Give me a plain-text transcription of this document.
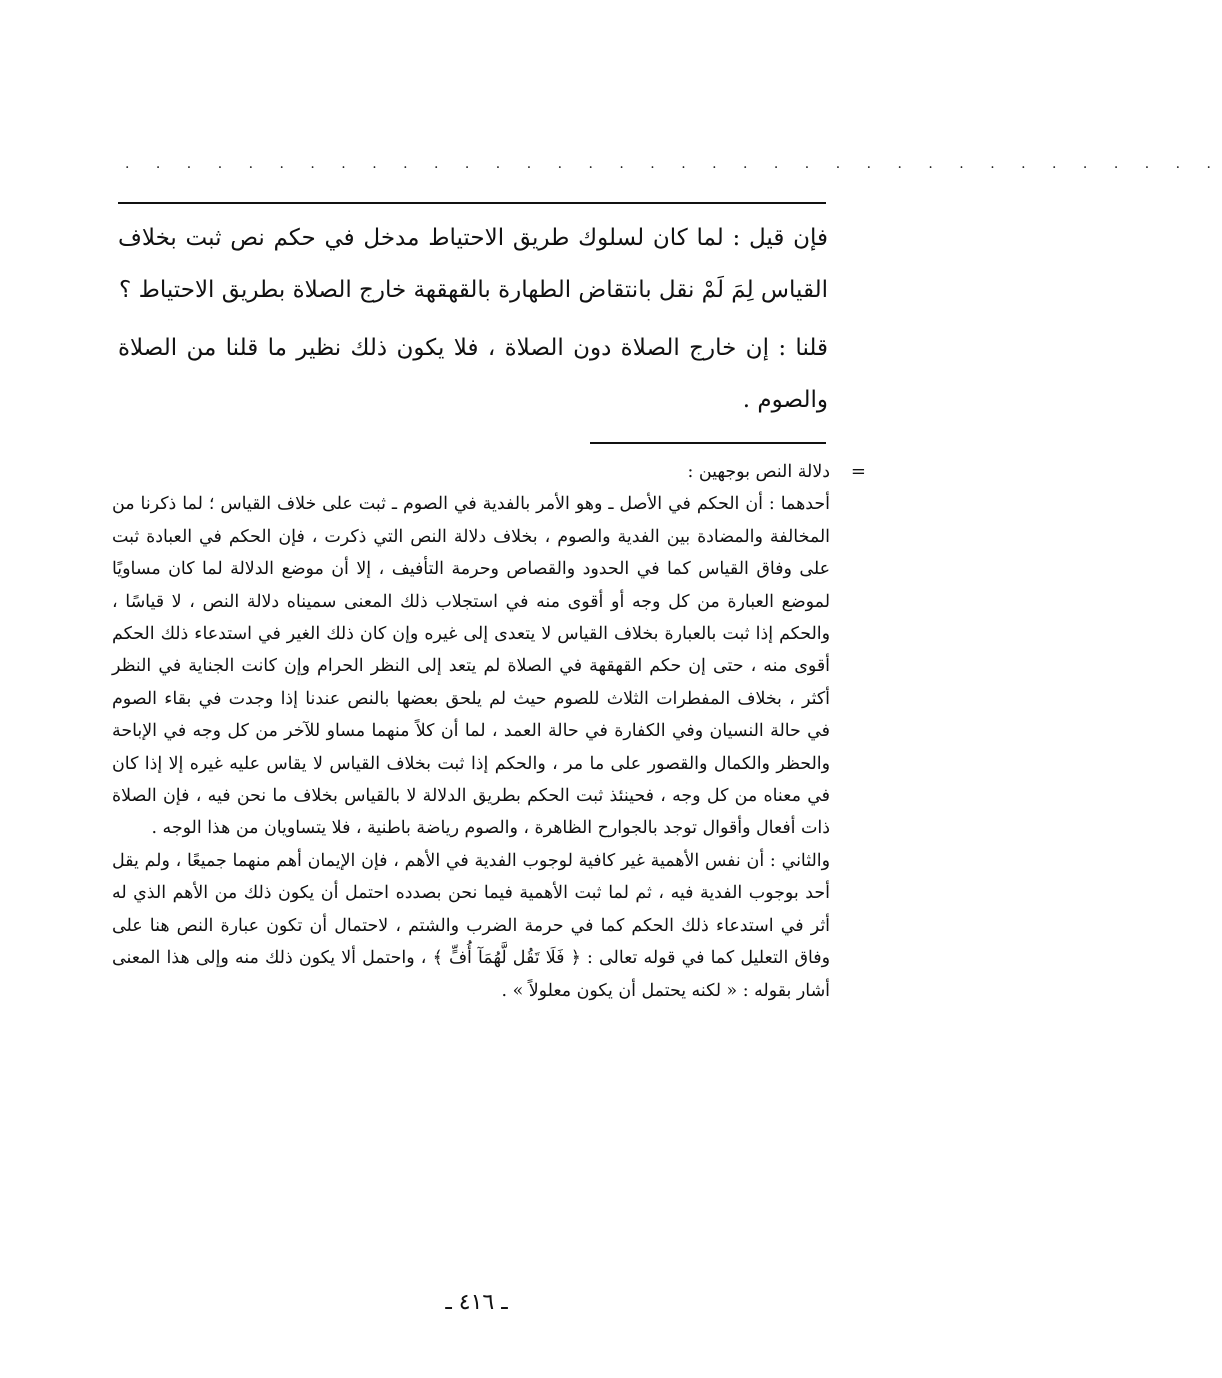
· · · · · · · · · · · · · · · · · · · · · · · · · · · · · · · · · · · ·

فإن قيل : لما كان لسلوك طريق الاحتياط مدخل في حكم نص ثبت بخلاف القياس لِمَ لَمْ نقل بانتقاض الطهارة بالقهقهة خارج الصلاة بطريق الاحتياط ؟

قلنا : إن خارج الصلاة دون الصلاة ، فلا يكون ذلك نظير ما قلنا من الصلاة والصوم .

=
دلالة النص بوجهين :

أحدهما : أن الحكم في الأصل ـ وهو الأمر بالفدية في الصوم ـ ثبت على خلاف القياس ؛ لما ذكرنا من المخالفة والمضادة بين الفدية والصوم ، بخلاف دلالة النص التي ذكرت ، فإن الحكم في العبادة ثبت على وفاق القياس كما في الحدود والقصاص وحرمة التأفيف ، إلا أن موضع الدلالة لما كان مساويًا لموضع العبارة من كل وجه أو أقوى منه في استجلاب ذلك المعنى سميناه دلالة النص ، لا قياسًا ، والحكم إذا ثبت بالعبارة بخلاف القياس لا يتعدى إلى غيره وإن كان ذلك الغير في استدعاء ذلك الحكم أقوى منه ، حتى إن حكم القهقهة في الصلاة لم يتعد إلى النظر الحرام وإن كانت الجناية في النظر أكثر ، بخلاف المفطرات الثلاث للصوم حيث لم يلحق بعضها بالنص عندنا إذا وجدت في بقاء الصوم في حالة النسيان وفي الكفارة في حالة العمد ، لما أن كلاً منهما مساو للآخر من كل وجه في الإباحة والحظر والكمال والقصور على ما مر ، والحكم إذا ثبت بخلاف القياس لا يقاس عليه غيره إلا إذا كان في معناه من كل وجه ، فحينئذ ثبت الحكم بطريق الدلالة لا بالقياس بخلاف ما نحن فيه ، فإن الصلاة ذات أفعال وأقوال توجد بالجوارح الظاهرة ، والصوم رياضة باطنية ، فلا يتساويان من هذا الوجه .

والثاني : أن نفس الأهمية غير كافية لوجوب الفدية في الأهم ، فإن الإيمان أهم منهما جميعًا ، ولم يقل أحد بوجوب الفدية فيه ، ثم لما ثبت الأهمية فيما نحن بصدده احتمل أن يكون ذلك من الأهم الذي له أثر في استدعاء ذلك الحكم كما في حرمة الضرب والشتم ، لاحتمال أن تكون عبارة النص هنا على وفاق التعليل كما في قوله تعالى : ﴿ فَلَا تَقُل لَّهُمَآ أُفٍّ ﴾ ، واحتمل ألا يكون ذلك منه وإلى هذا المعنى أشار بقوله : « لكنه يحتمل أن يكون معلولاً » .

ـ ٤١٦ ـ
